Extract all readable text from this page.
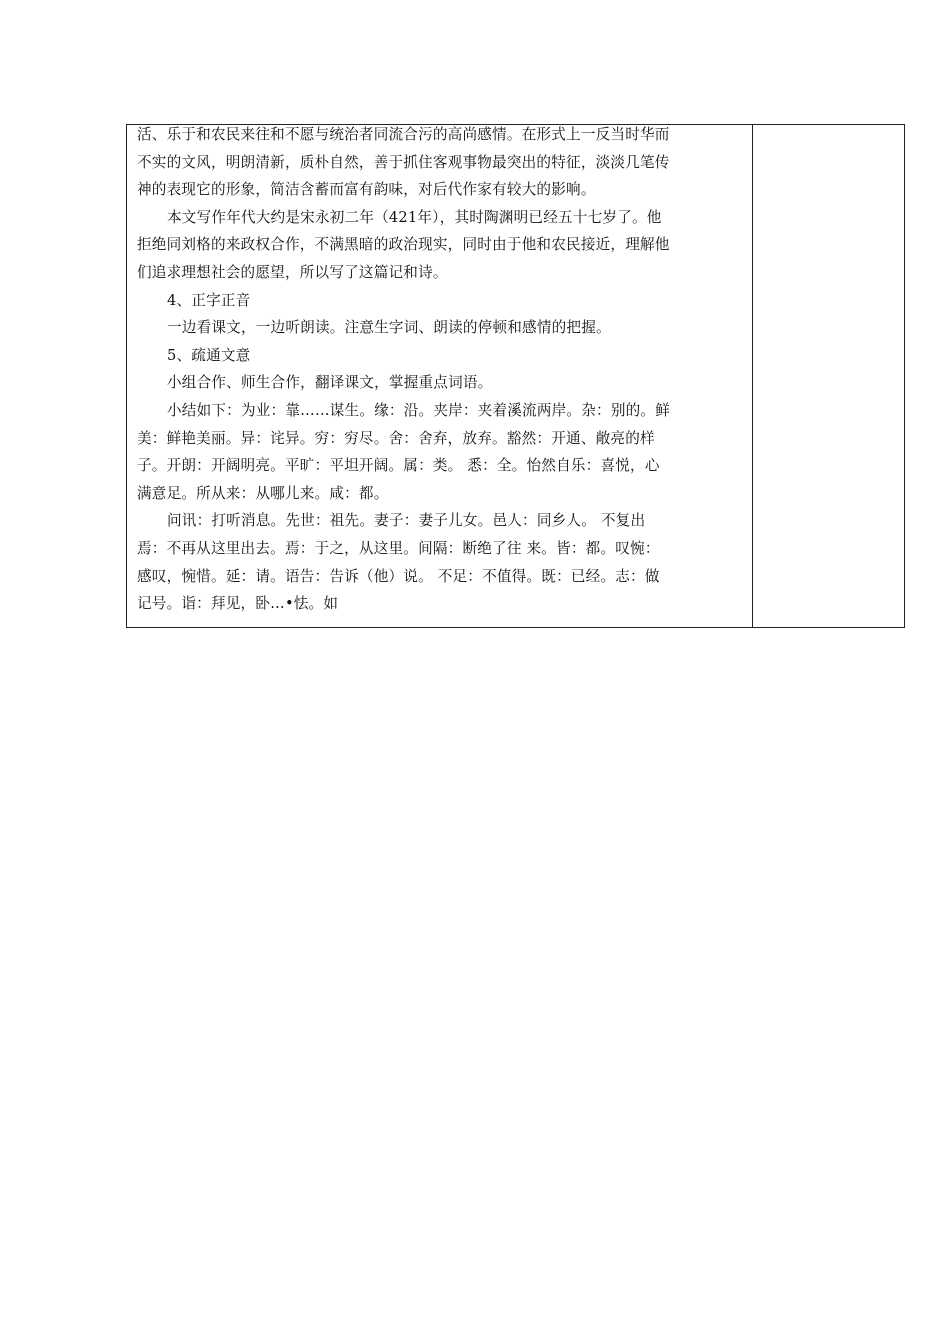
活、乐于和农民来往和不愿与统治者同流合污的高尚感情。在形式上一反当时华而
不实的文风，明朗清新，质朴自然，善于抓住客观事物最突出的特征，淡淡几笔传
神的表现它的形象，简洁含蓄而富有韵味，对后代作家有较大的影响。
本文写作年代大约是宋永初二年（421年），其时陶渊明已经五十七岁了。他
拒绝同刘格的来政权合作，不满黑暗的政治现实，同时由于他和农民接近，理解他
们追求理想社会的愿望，所以写了这篇记和诗。
4、正字正音
一边看课文，一边听朗读。注意生字词、朗读的停顿和感情的把握。
5、疏通文意
小组合作、师生合作，翻译课文，掌握重点词语。
小结如下：为业：靠……谋生。缘：沿。夹岸：夹着溪流两岸。杂：别的。鲜
美：鲜艳美丽。异：诧异。穷：穷尽。舍：舍弃，放弃。豁然：开通、敞亮的样
子。开朗：开阔明亮。平旷：平坦开阔。属：类。 悉：全。怡然自乐：喜悦，心
满意足。所从来：从哪儿来。咸：都。
问讯：打听消息。先世：祖先。妻子：妻子儿女。邑人：同乡人。 不复出
焉：不再从这里出去。焉：于之，从这里。间隔：断绝了往 来。皆：都。叹惋：
感叹，惋惜。延：请。语告：告诉（他）说。 不足：不值得。既：已经。志：做
记号。诣：拜见，卧…•怯。如
